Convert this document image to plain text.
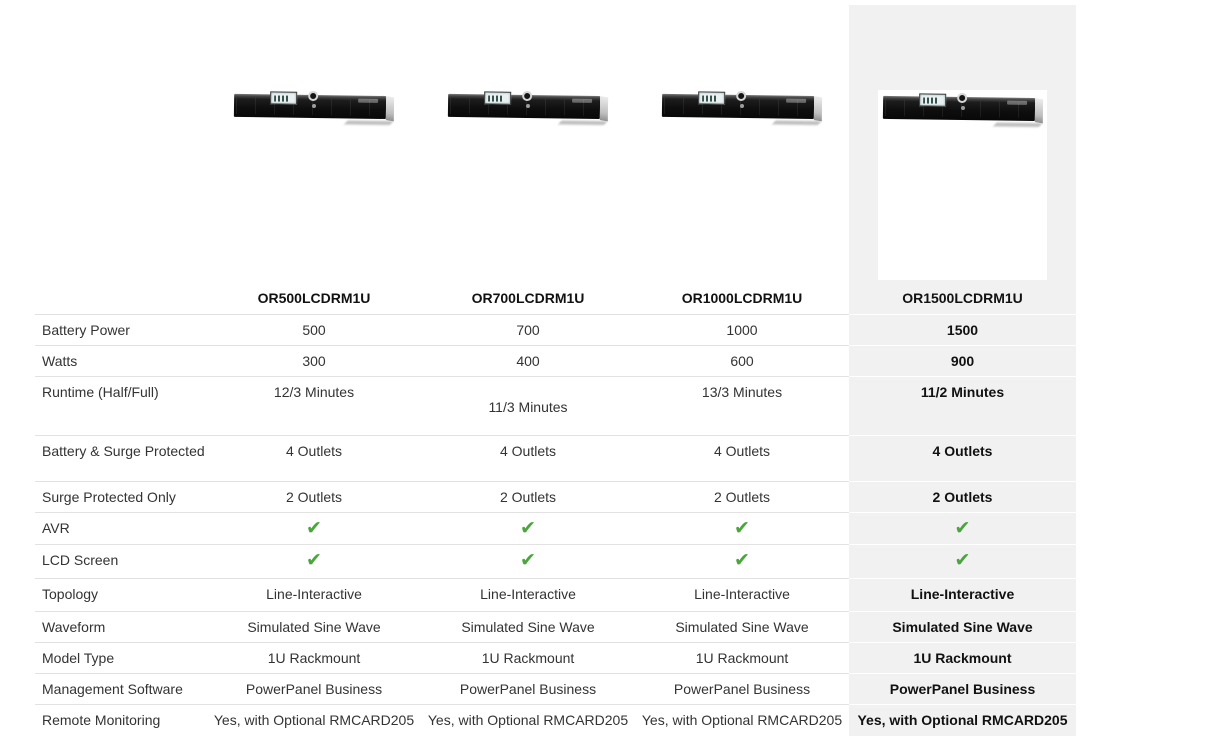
	OR500LCDRM1U	OR700LCDRM1U	OR1000LCDRM1U	OR1500LCDRM1U
Battery Power	500	700	1000	1500
Watts	300	400	600	900
Runtime (Half/Full)	12/3 Minutes	11/3 Minutes	13/3 Minutes	11/2 Minutes
Battery & Surge Protected	4 Outlets	4 Outlets	4 Outlets	4 Outlets
Surge Protected Only	2 Outlets	2 Outlets	2 Outlets	2 Outlets
AVR	✔	✔	✔	✔
LCD Screen	✔	✔	✔	✔
Topology	Line-Interactive	Line-Interactive	Line-Interactive	Line-Interactive
Waveform	Simulated Sine Wave	Simulated Sine Wave	Simulated Sine Wave	Simulated Sine Wave
Model Type	1U Rackmount	1U Rackmount	1U Rackmount	1U Rackmount
Management Software	PowerPanel Business	PowerPanel Business	PowerPanel Business	PowerPanel Business
Remote Monitoring	Yes, with Optional RMCARD205	Yes, with Optional RMCARD205	Yes, with Optional RMCARD205	Yes, with Optional RMCARD205
